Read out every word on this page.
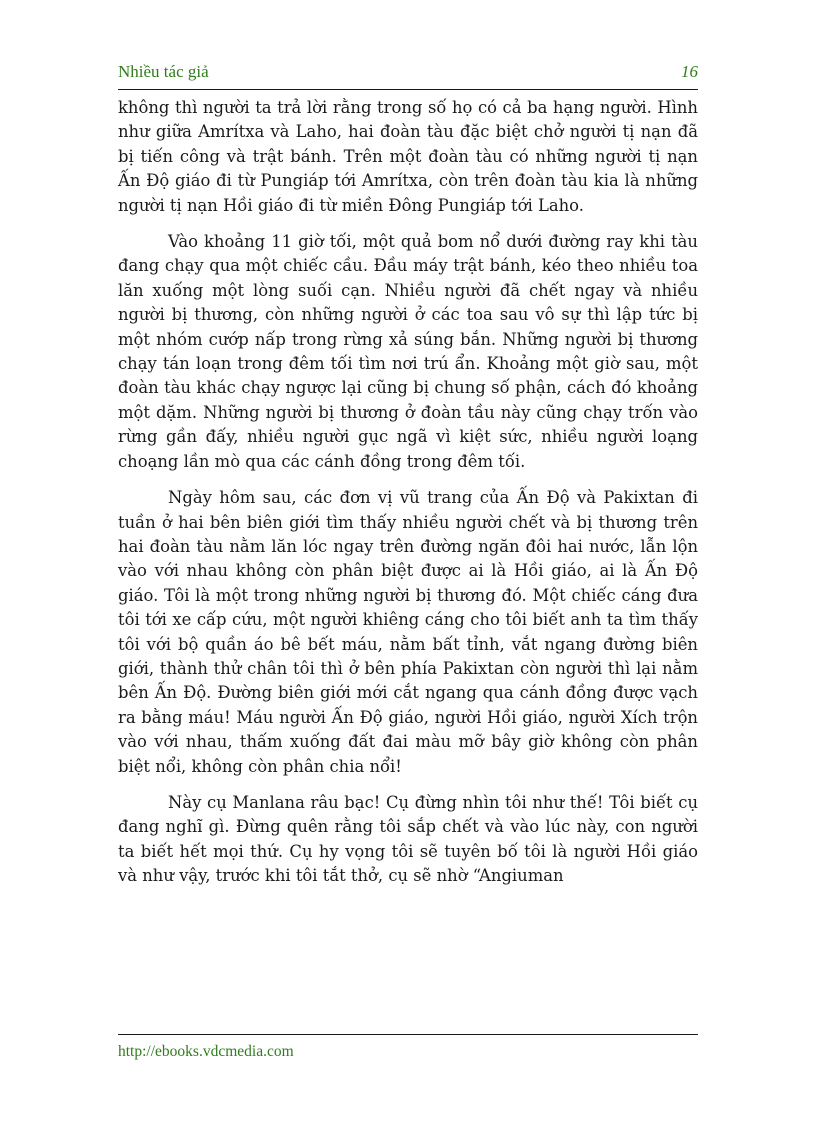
Nhiều tác giả	16

không thì người ta trả lời rằng trong số họ có cả ba hạng người. Hình như giữa Amrítxa và Laho, hai đoàn tàu đặc biệt chở người tị nạn đã bị tiến công và trật bánh. Trên một đoàn tàu có những người tị nạn Ấn Độ giáo đi từ Pungiáp tới Amrítxa, còn trên đoàn tàu kia là những người tị nạn Hồi giáo đi từ miền Đông Pungiáp tới Laho.

Vào khoảng 11 giờ tối, một quả bom nổ dưới đường ray khi tàu đang chạy qua một chiếc cầu. Đầu máy trật bánh, kéo theo nhiều toa lăn xuống một lòng suối cạn. Nhiều người đã chết ngay và nhiều người bị thương, còn những người ở các toa sau vô sự thì lập tức bị một nhóm cướp nấp trong rừng xả súng bắn. Những người bị thương chạy tán loạn trong đêm tối tìm nơi trú ẩn. Khoảng một giờ sau, một đoàn tàu khác chạy ngược lại cũng bị chung số phận, cách đó khoảng một dặm. Những người bị thương ở đoàn tầu này cũng chạy trốn vào rừng gần đấy, nhiều người gục ngã vì kiệt sức, nhiều người loạng choạng lần mò qua các cánh đồng trong đêm tối.

Ngày hôm sau, các đơn vị vũ trang của Ấn Độ và Pakixtan đi tuần ở hai bên biên giới tìm thấy nhiều người chết và bị thương trên hai đoàn tàu nằm lăn lóc ngay trên đường ngăn đôi hai nước, lẫn lộn vào với nhau không còn phân biệt được ai là Hồi giáo, ai là Ấn Độ giáo. Tôi là một trong những người bị thương đó. Một chiếc cáng đưa tôi tới xe cấp cứu, một người khiêng cáng cho tôi biết anh ta tìm thấy tôi với bộ quần áo bê bết máu, nằm bất tỉnh, vắt ngang đường biên giới, thành thử chân tôi thì ở bên phía Pakixtan còn người thì lại nằm bên Ấn Độ. Đường biên giới mới cắt ngang qua cánh đồng được vạch ra bằng máu! Máu người Ấn Độ giáo, người Hồi giáo, người Xích trộn vào với nhau, thấm xuống đất đai màu mỡ bây giờ không còn phân biệt nổi, không còn phân chia nổi!

Này cụ Manlana râu bạc! Cụ đừng nhìn tôi như thế! Tôi biết cụ đang nghĩ gì. Đừng quên rằng tôi sắp chết và vào lúc này, con người ta biết hết mọi thứ. Cụ hy vọng tôi sẽ tuyên bố tôi là người Hồi giáo và như vậy, trước khi tôi tắt thở, cụ sẽ nhờ “Angiuman

http://ebooks.vdcmedia.com
